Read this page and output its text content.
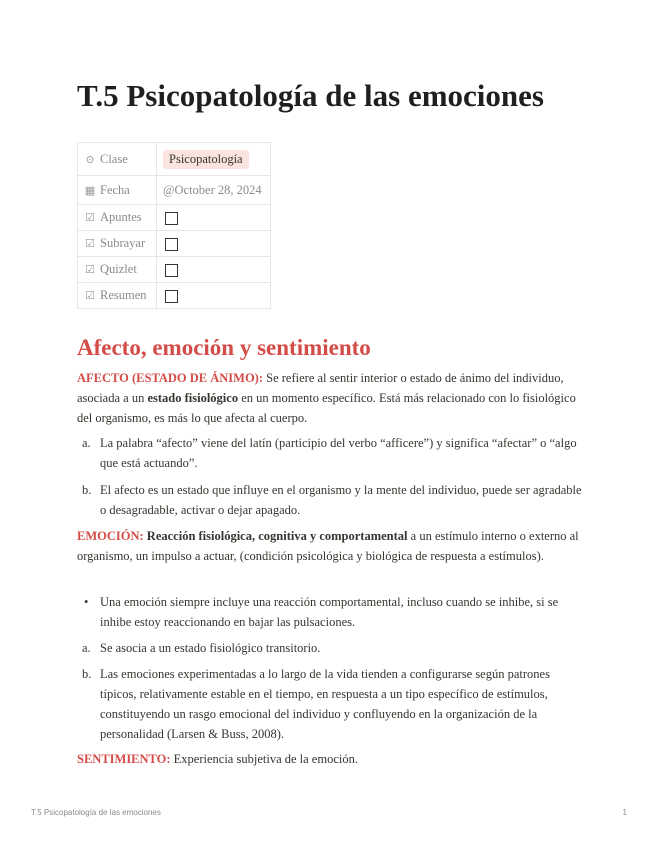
T.5 Psicopatología de las emociones
⊙ Clase	Psicopatología
▦ Fecha	@October 28, 2024
☑ Apuntes	
☑ Subrayar	
☑ Quizlet	
☑ Resumen	
Afecto, emoción y sentimiento

AFECTO (ESTADO DE ÁNIMO): Se refiere al sentir interior o estado de ánimo del individuo, asociada a un estado fisiológico en un momento específico. Está más relacionado con lo fisiológico del organismo, es más lo que afecta al cuerpo.

a. La palabra “afecto” viene del latín (participio del verbo “afficere”) y significa “afectar” o “algo que está actuando”.
b. El afecto es un estado que influye en el organismo y la mente del individuo, puede ser agradable o desagradable, activar o dejar apagado.

EMOCIÓN: Reacción fisiológica, cognitiva y comportamental a un estímulo interno o externo al organismo, un impulso a actuar, (condición psicológica y biológica de respuesta a estímulos).

• Una emoción siempre incluye una reacción comportamental, incluso cuando se inhibe, si se inhibe estoy reaccionando en bajar las pulsaciones.
a. Se asocia a un estado fisiológico transitorio.
b. Las emociones experimentadas a lo largo de la vida tienden a configurarse según patrones típicos, relativamente estable en el tiempo, en respuesta a un tipo específico de estímulos, constituyendo un rasgo emocional del individuo y confluyendo en la organización de la personalidad (Larsen & Buss, 2008).

SENTIMIENTO: Experiencia subjetiva de la emoción.

T.5 Psicopatología de las emociones	1
